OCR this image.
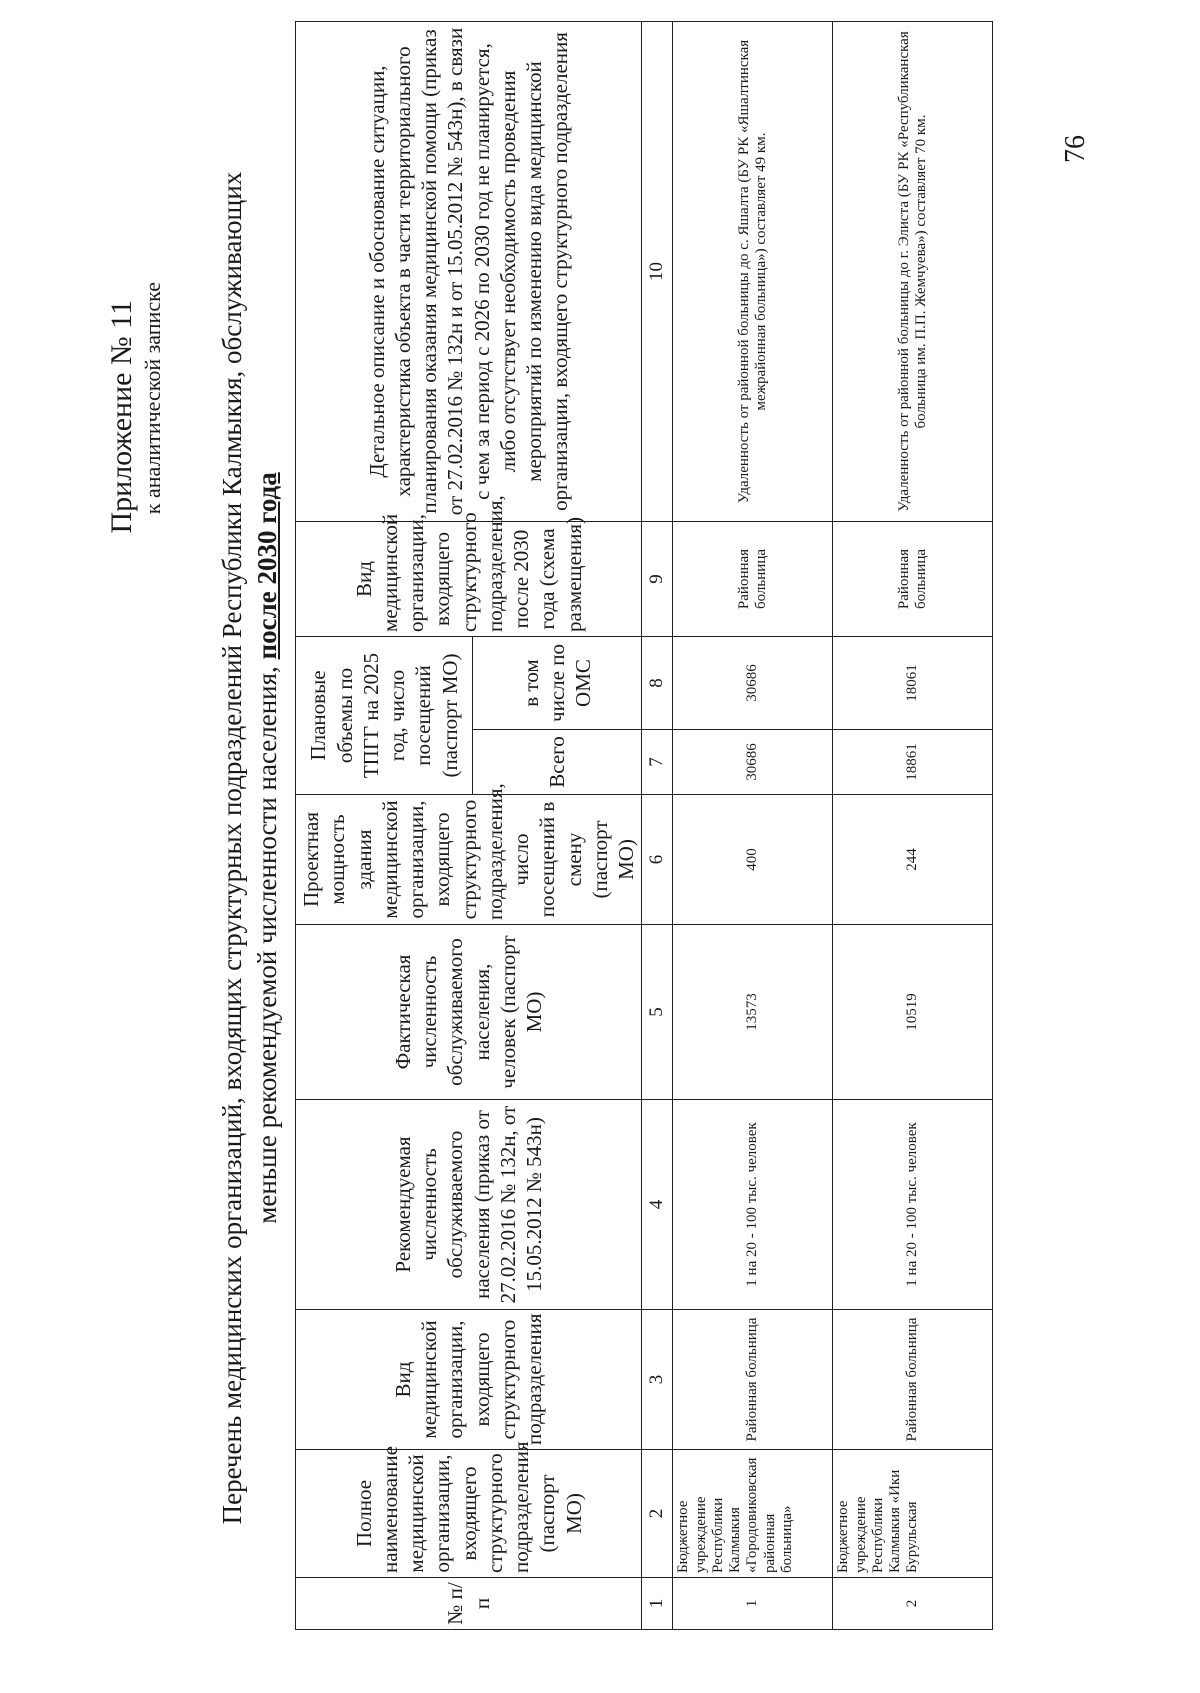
Приложение № 11 к аналитической записке Перечень медицинских организаций, входящих структурных подразделений Республики Калмыкия, обслуживающих меньше рекомендуемой численности населения, после 2030 года
№ п/п	Полное наименование медицинской организации, входящего структурного подразделения (паспорт МО)	Вид медицинской организации, входящего структурного подразделения	Рекомендуемая численность обслуживаемого населения (приказ от 27.02.2016 № 132н, от 15.05.2012 № 543н)	Фактическая численность обслуживаемого населения, человек (паспорт МО)	Проектная мощность здания медицинской организации, входящего структурного подразделения, число посещений в смену (паспорт МО)	Плановые объемы по ТПГГ на 2025 год, число посещений (паспорт МО)		Вид медицинской организации, входящего структурного подразделения, после 2030 года (схема размещения)	Детальное описание и обоснование ситуации, характеристика объекта в части территориального планирования оказания медицинской помощи (приказ от 27.02.2016 № 132н и от 15.05.2012 № 543н), в связи с чем за период с 2026 по 2030 год не планируется, либо отсутствует необходимость проведения мероприятий по изменению вида медицинской организации, входящего структурного подразделения
						Всего	в том числе по ОМС		
1	2	3	4	5	6	7	8	9	10
1	Бюджетное учреждение Республики Калмыкия «Городовиковская районная больница»	Районная больница	1 на 20 - 100 тыс. человек	13573	400	30686	30686	Районная больница	Удаленность от районной больницы до с. Яшалта (БУ РК «Яшалтинская межрайонная больница») составляет 49 км.
2	Бюджетное учреждение Республики Калмыкия «Ики Бурульская	Районная больница	1 на 20 - 100 тыс. человек	10519	244	18861	18061	Районная больница	Удаленность от районной больницы до г. Элиста (БУ РК «Республиканская больница им. П.П. Жемчуева») составляет 70 км.	76
